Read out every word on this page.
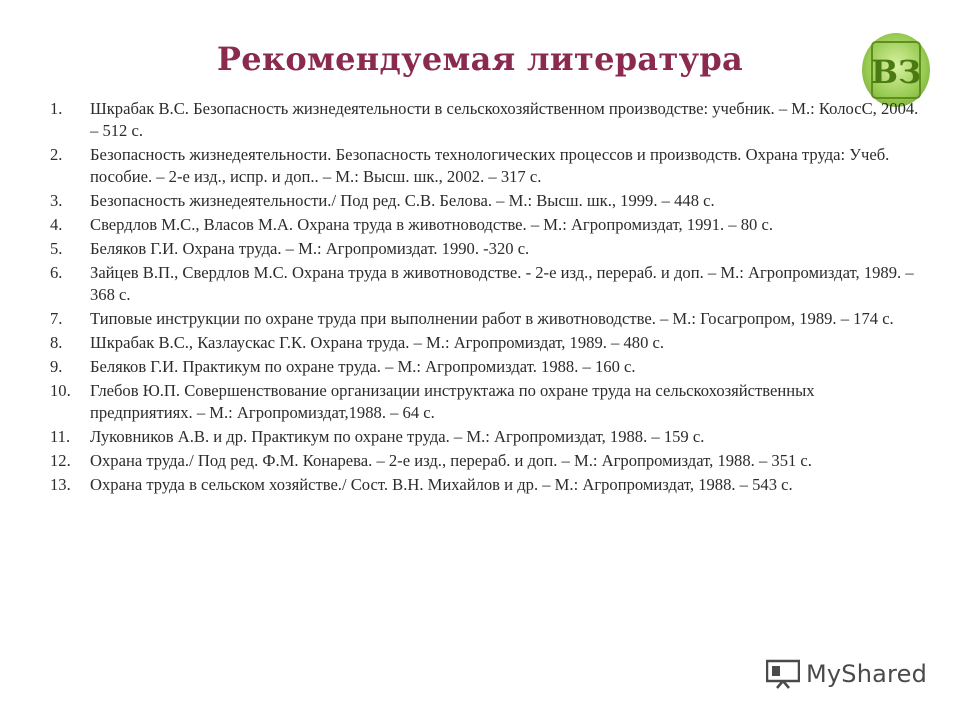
Рекомендуемая литература	ВЗ
1.	Шкрабак В.С. Безопасность жизнедеятельности в сельскохозяйственном производстве: учебник. – М.: КолосС, 2004. – 512 с.
2.	Безопасность жизнедеятельности. Безопасность технологических процессов и производств. Охрана труда: Учеб. пособие. – 2-е изд., испр. и доп.. – М.: Высш. шк., 2002. – 317 с.
3.	Безопасность жизнедеятельности./ Под ред. С.В. Белова. – М.: Высш. шк., 1999. – 448 с.
4.	Свердлов М.С., Власов М.А. Охрана труда в животноводстве. – М.: Агропромиздат, 1991. – 80 с.
5.	Беляков Г.И. Охрана труда. – М.: Агропромиздат. 1990. -320 с.
6.	Зайцев В.П., Свердлов М.С. Охрана труда в животноводстве. - 2-е изд., перераб. и доп. – М.: Агропромиздат, 1989. – 368 с.
7.	Типовые инструкции по охране труда при выполнении работ в животноводстве. – М.: Госагропром, 1989. – 174 с.
8.	Шкрабак В.С., Казлаускас Г.К. Охрана труда. – М.: Агропромиздат, 1989. – 480 с.
9.	Беляков Г.И. Практикум по охране труда. – М.: Агропромиздат. 1988. – 160 с.
10.	Глебов Ю.П. Совершенствование организации инструктажа по охране труда на сельскохозяйственных предприятиях. – М.: Агропромиздат,1988. – 64 с.
11.	Луковников А.В. и др. Практикум по охране труда. – М.: Агропромиздат, 1988. – 159 с.
12.	Охрана труда./ Под ред. Ф.М. Конарева. – 2-е изд., перераб. и доп. – М.: Агропромиздат, 1988. – 351 с.
13.	Охрана труда в сельском хозяйстве./ Сост. В.Н. Михайлов и др. – М.: Агропромиздат, 1988. – 543 с.
MyShared
